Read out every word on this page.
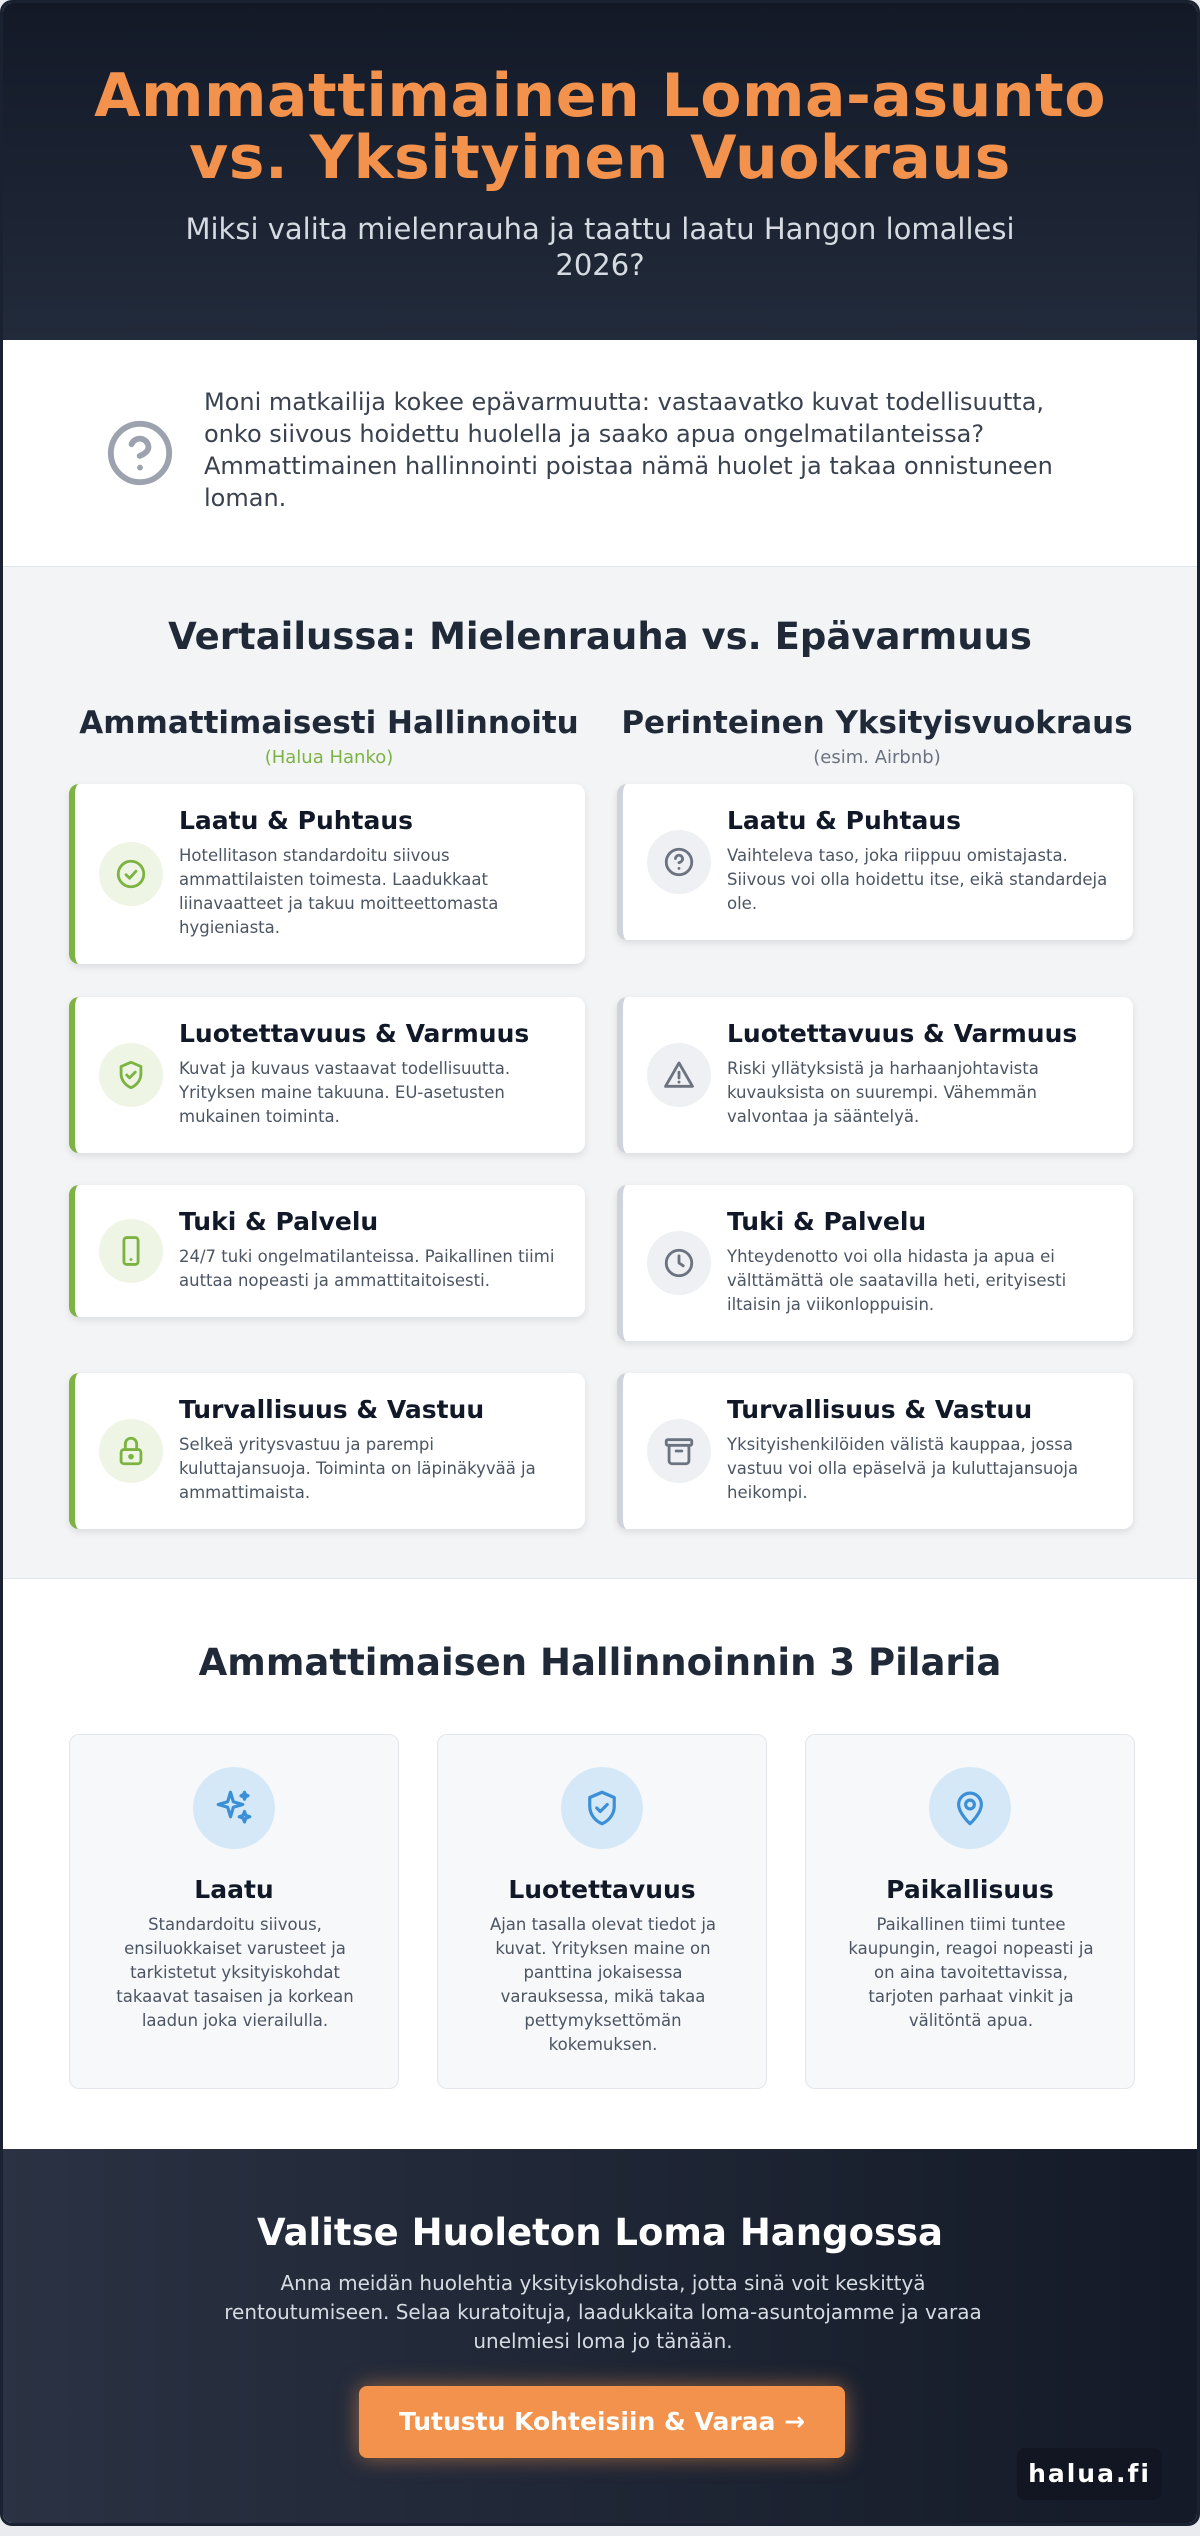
Ammattimainen Loma-asunto
vs. Yksityinen Vuokraus

Miksi valita mielenrauha ja taattu laatu Hangon lomallesi 2026?

Moni matkailija kokee epävarmuutta: vastaavatko kuvat todellisuutta, onko siivous hoidettu huolella ja saako apua ongelmatilanteissa? Ammattimainen hallinnointi poistaa nämä huolet ja takaa onnistuneen loman.

Vertailussa: Mielenrauha vs. Epävarmuus
Ammattimaisesti Hallinnoitu
(Halua Hanko)
Perinteinen Yksityisvuokraus
(esim. Airbnb)
Laatu & Puhtaus
Hotellitason standardoitu siivous ammattilaisten toimesta. Laadukkaat liinavaatteet ja takuu moitteettomasta hygieniasta.
Luotettavuus & Varmuus
Kuvat ja kuvaus vastaavat todellisuutta. Yrityksen maine takuuna. EU-asetusten mukainen toiminta.
Tuki & Palvelu
24/7 tuki ongelmatilanteissa. Paikallinen tiimi auttaa nopeasti ja ammattitaitoisesti.
Turvallisuus & Vastuu
Selkeä yritysvastuu ja parempi kuluttajansuoja. Toiminta on läpinäkyvää ja ammattimaista.
Laatu & Puhtaus
Vaihteleva taso, joka riippuu omistajasta. Siivous voi olla hoidettu itse, eikä standardeja ole.
Luotettavuus & Varmuus
Riski yllätyksistä ja harhaanjohtavista kuvauksista on suurempi. Vähemmän valvontaa ja sääntelyä.
Tuki & Palvelu
Yhteydenotto voi olla hidasta ja apua ei välttämättä ole saatavilla heti, erityisesti iltaisin ja viikonloppuisin.
Turvallisuus & Vastuu
Yksityishenkilöiden välistä kauppaa, jossa vastuu voi olla epäselvä ja kuluttajansuoja heikompi.
Ammattimaisen Hallinnoinnin 3 Pilaria
Laatu
Standardoitu siivous, ensiluokkaiset varusteet ja tarkistetut yksityiskohdat takaavat tasaisen ja korkean laadun joka vierailulla.
Luotettavuus
Ajan tasalla olevat tiedot ja kuvat. Yrityksen maine on panttina jokaisessa varauksessa, mikä takaa pettymyksettömän kokemuksen.
Paikallisuus
Paikallinen tiimi tuntee kaupungin, reagoi nopeasti ja on aina tavoitettavissa, tarjoten parhaat vinkit ja välitöntä apua.
Valitse Huoleton Loma Hangossa

Anna meidän huolehtia yksityiskohdista, jotta sinä voit keskittyä rentoutumiseen. Selaa kuratoituja, laadukkaita loma-asuntojamme ja varaa unelmiesi loma jo tänään.

Tutustu Kohteisiin & Varaa →
halua.fi
